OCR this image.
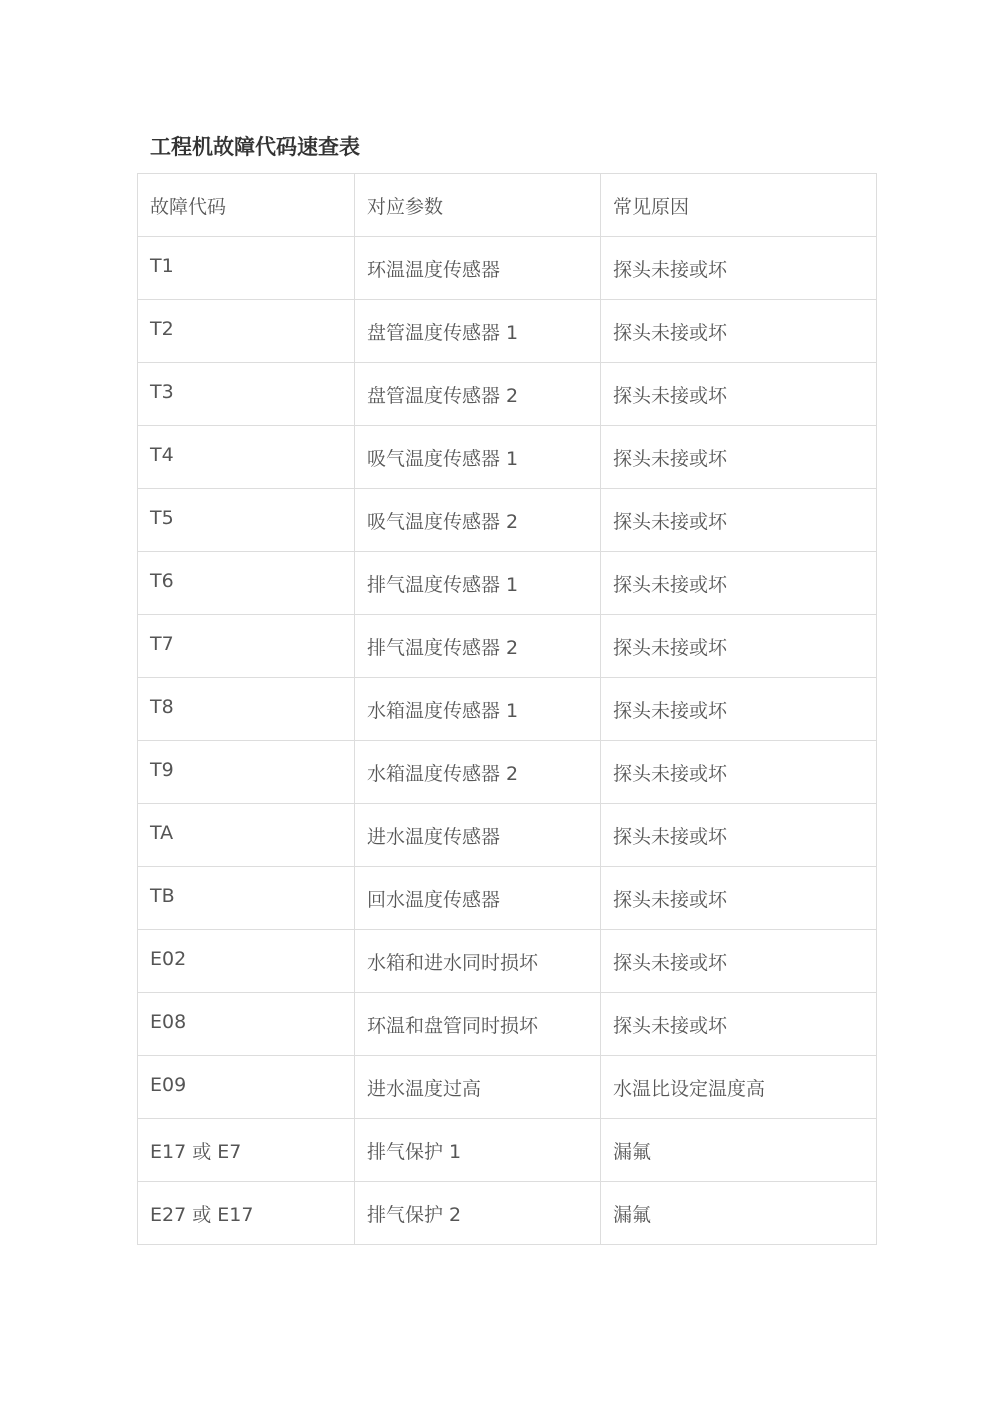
工程机故障代码速查表
故障代码	对应参数	常见原因
T1	环温温度传感器	探头未接或坏
T2	盘管温度传感器 1	探头未接或坏
T3	盘管温度传感器 2	探头未接或坏
T4	吸气温度传感器 1	探头未接或坏
T5	吸气温度传感器 2	探头未接或坏
T6	排气温度传感器 1	探头未接或坏
T7	排气温度传感器 2	探头未接或坏
T8	水箱温度传感器 1	探头未接或坏
T9	水箱温度传感器 2	探头未接或坏
TA	进水温度传感器	探头未接或坏
TB	回水温度传感器	探头未接或坏
E02	水箱和进水同时损坏	探头未接或坏
E08	环温和盘管同时损坏	探头未接或坏
E09	进水温度过高	水温比设定温度高
E17 或 E7	排气保护 1	漏氟
E27 或 E17	排气保护 2	漏氟
